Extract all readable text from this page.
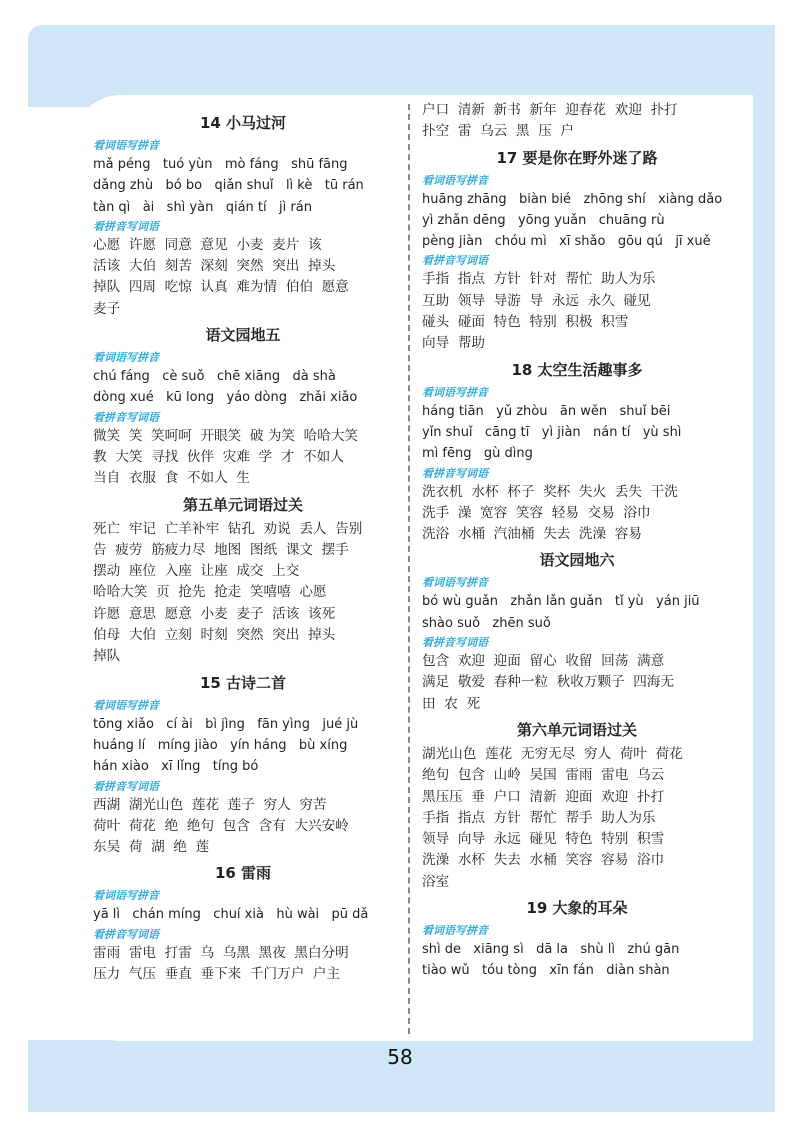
14 小马过河
看词语写拼音
mǎ péng   tuó yùn   mò fáng   shū fāng
dǎng zhù   bó bo   qiǎn shuǐ   lì kè   tū rán
tàn qì   ài   shì yàn   qián tí   jì rán
看拼音写词语
心愿  许愿  同意  意见  小麦  麦片  该
活该  大伯  刻苦  深刻  突然  突出  掉头
掉队  四周  吃惊  认真  难为情  伯伯  愿意
麦子
语文园地五
看词语写拼音
chú fáng   cè suǒ   chē xiāng   dà shà
dòng xué   kū long   yáo dòng   zhǎi xiǎo
看拼音写词语
微笑  笑  笑呵呵  开眼笑  破 为笑  哈哈大笑
教  大笑  寻找  伙伴  灾难  学  才  不如人
当自  衣服  食  不如人  生
第五单元词语过关
死亡  牢记  亡羊补牢  钻孔  劝说  丢人  告别
告  疲劳  筋疲力尽  地图  图纸  课文  摆手
摆动  座位  入座  让座  成交  上交
哈哈大笑  页  抢先  抢走  笑嘻嘻  心愿
许愿  意思  愿意  小麦  麦子  活该  该死
伯母  大伯  立刻  时刻  突然  突出  掉头
掉队
15 古诗二首
看词语写拼音
tōng xiǎo   cí ài   bì jìng   fān yìng   jué jù
huáng lí   míng jiào   yín háng   bù xíng
hán xiào   xī lǐng   tíng bó
看拼音写词语
西湖  湖光山色  莲花  莲子  穷人  穷苦
荷叶  荷花  绝  绝句  包含  含有  大兴安岭
东吴  荷  湖  绝  莲
16 雷雨
看词语写拼音
yā lì   chán míng   chuí xià   hù wài   pū dǎ
看拼音写词语
雷雨  雷电  打雷  乌  乌黑  黑夜  黑白分明
压力  气压  垂直  垂下来  千门万户  户主
户口  清新  新书  新年  迎春花  欢迎  扑打
扑空  雷  乌云  黑  压  户
17 要是你在野外迷了路
看词语写拼音
huāng zhāng   biàn bié   zhōng shí   xiàng dǎo
yì zhǎn dēng   yōng yuǎn   chuāng rù
pèng jiàn   chóu mì   xī shǎo   gōu qú   jī xuě
看拼音写词语
手指  指点  方针  针对  帮忙  助人为乐
互助  领导  导游  导  永远  永久  碰见
碰头  碰面  特色  特别  积极  积雪
向导  帮助
18 太空生活趣事多
看词语写拼音
háng tiān   yǔ zhòu   ān wěn   shuǐ bēi
yǐn shuǐ   cāng tī   yì jiàn   nán tí   yù shì
mì fēng   gù dìng
看拼音写词语
洗衣机  水杯  杯子  奖杯  失火  丢失  干洗
洗手  澡  宽容  笑容  轻易  交易  浴巾
洗浴  水桶  汽油桶  失去  洗澡  容易
语文园地六
看词语写拼音
bó wù guǎn   zhǎn lǎn guǎn   tǐ yù   yán jiū
shào suǒ   zhēn suǒ
看拼音写词语
包含  欢迎  迎面  留心  收留  回荡  满意
满足  敬爱  春种一粒  秋收万颗子  四海无
田  农  死
第六单元词语过关
湖光山色  莲花  无穷无尽  穷人  荷叶  荷花
绝句  包含  山岭  吴国  雷雨  雷电  乌云
黑压压  垂  户口  清新  迎面  欢迎  扑打
手指  指点  方针  帮忙  帮手  助人为乐
领导  向导  永远  碰见  特色  特别  积雪
洗澡  水杯  失去  水桶  笑容  容易  浴巾
浴室
19 大象的耳朵
看词语写拼音
shì de   xiāng sì   dā la   shù lì   zhú gān
tiào wǔ   tóu tòng   xīn fán   diàn shàn
58
